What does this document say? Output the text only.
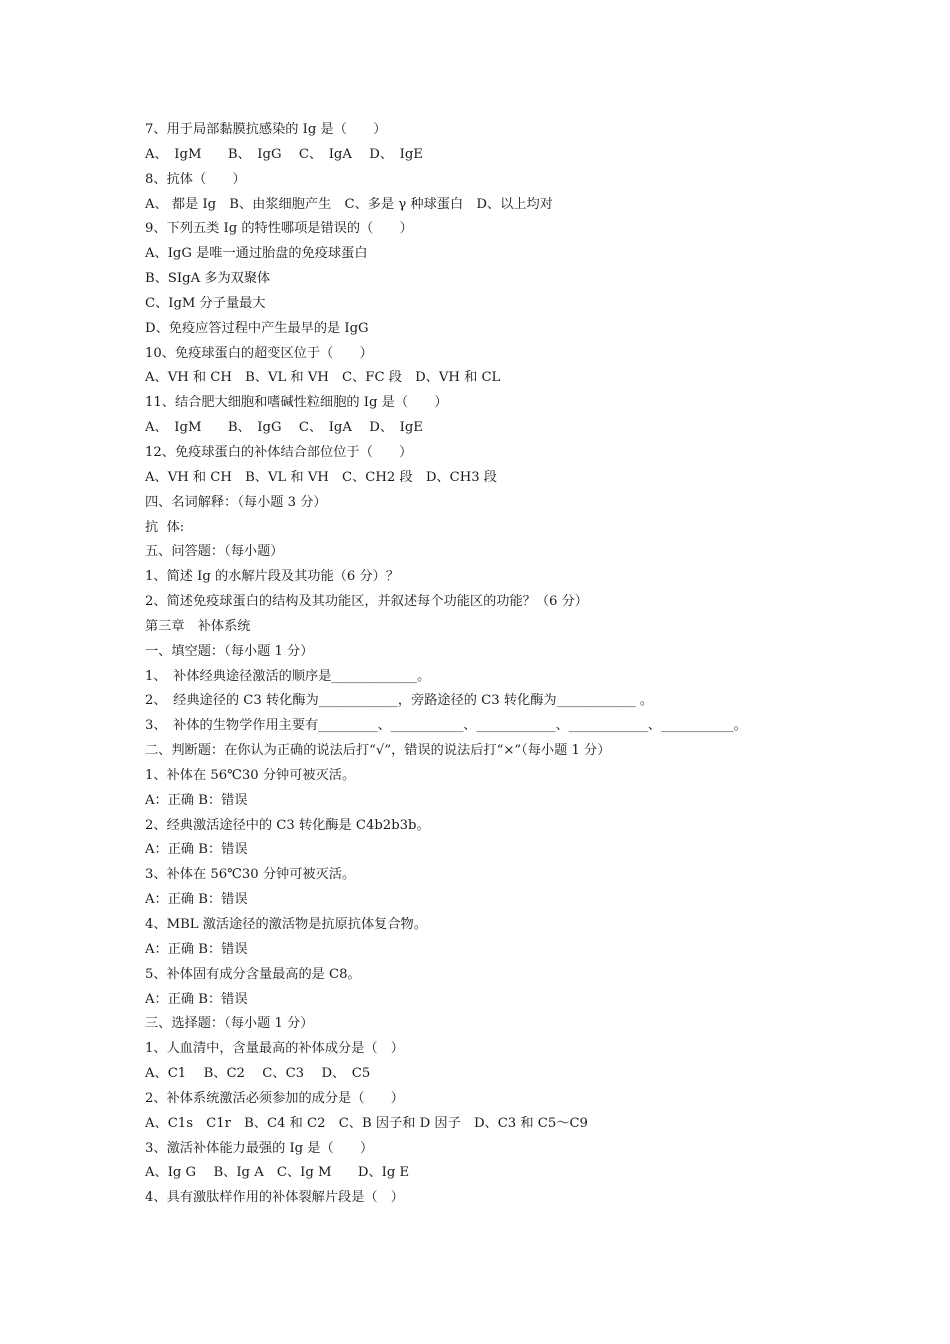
7、用于局部黏膜抗感染的 Ig 是（　　）
A、　IgM　　B、　IgG　 C、　IgA　 D、　IgE
8、抗体（　　）
A、 都是 Ig　B、由浆细胞产生　C、多是 γ 种球蛋白　D、以上均对
9、下列五类 Ig 的特性哪项是错误的（　　）
A、IgG 是唯一通过胎盘的免疫球蛋白
B、SIgA 多为双聚体
C、IgM 分子量最大
D、免疫应答过程中产生最早的是 IgG
10、免疫球蛋白的超变区位于（　　）
A、VH 和 CH　B、VL 和 VH　C、FC 段　D、VH 和 CL
11、结合肥大细胞和嗜碱性粒细胞的 Ig 是（　　）
A、　IgM　　B、　IgG　 C、　IgA　 D、　IgE
12、免疫球蛋白的补体结合部位位于（　　）
A、VH 和 CH　B、VL 和 VH　C、CH2 段　D、CH3 段
四、名词解释：（每小题 3 分）
抗  体:
五、问答题：（每小题）
1、简述 Ig 的水解片段及其功能（6 分）？
2、简述免疫球蛋白的结构及其功能区，并叙述每个功能区的功能？（6 分）
第三章　补体系统
一、填空题：（每小题 1 分）
1、　补体经典途径激活的顺序是_____________。
2、　经典途径的 C3 转化酶为____________，旁路途径的 C3 转化酶为____________ 。
3、　补体的生物学作用主要有_________、___________、____________、____________、___________。
二、判断题：在你认为正确的说法后打“√”，错误的说法后打“×”（每小题 1 分）
1、补体在 56℃30 分钟可被灭活。
A：正确 B：错误
2、经典激活途径中的 C3 转化酶是 C4b2b3b。
A：正确 B：错误
3、补体在 56℃30 分钟可被灭活。
A：正确 B：错误
4、MBL 激活途径的激活物是抗原抗体复合物。
A：正确 B：错误
5、补体固有成分含量最高的是 C8。
A：正确 B：错误
三、选择题：（每小题 1 分）
1、人血清中，含量最高的补体成分是（　）
A、C1　 B、C2　 C、C3　 D、　C5
2、补体系统激活必须参加的成分是（　　）
A、C1s　C1r　B、C4 和 C2　C、B 因子和 D 因子　D、C3 和 C5～C9
3、激活补体能力最强的 Ig 是（　　）
A、Ig G　 B、Ig A　C、Ig M　　D、Ig E
4、具有激肽样作用的补体裂解片段是（　）
